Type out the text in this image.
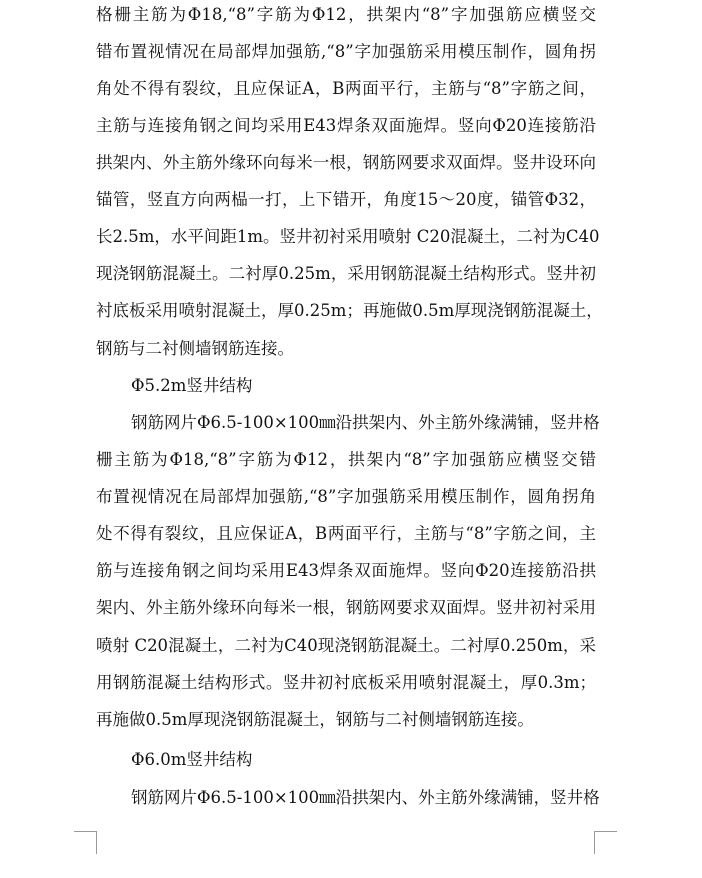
格栅主筋为Φ18,“8”字筋为Φ12，拱架内“8”字加强筋应横竖交
错布置视情况在局部焊加强筋,“8”字加强筋采用模压制作，圆角拐
角处不得有裂纹，且应保证A，B两面平行，主筋与“8”字筋之间，
主筋与连接角钢之间均采用E43焊条双面施焊。竖向Φ20连接筋沿
拱架内、外主筋外缘环向每米一根，钢筋网要求双面焊。竖井设环向
锚管，竖直方向两榀一打，上下错开，角度15～20度，锚管Φ32，
长2.5m，水平间距1m。竖井初衬采用喷射 C20混凝土，二衬为C40
现浇钢筋混凝土。二衬厚0.25m，采用钢筋混凝土结构形式。竖井初
衬底板采用喷射混凝土，厚0.25m；再施做0.5m厚现浇钢筋混凝土，
钢筋与二衬侧墙钢筋连接。
Φ5.2m竖井结构
钢筋网片Φ6.5-100×100㎜沿拱架内、外主筋外缘满铺，竖井格
栅主筋为Φ18,“8”字筋为Φ12，拱架内“8”字加强筋应横竖交错
布置视情况在局部焊加强筋,“8”字加强筋采用模压制作，圆角拐角
处不得有裂纹，且应保证A，B两面平行，主筋与“8”字筋之间，主
筋与连接角钢之间均采用E43焊条双面施焊。竖向Φ20连接筋沿拱
架内、外主筋外缘环向每米一根，钢筋网要求双面焊。竖井初衬采用
喷射 C20混凝土，二衬为C40现浇钢筋混凝土。二衬厚0.250m，采
用钢筋混凝土结构形式。竖井初衬底板采用喷射混凝土，厚0.3m；
再施做0.5m厚现浇钢筋混凝土，钢筋与二衬侧墙钢筋连接。
Φ6.0m竖井结构
钢筋网片Φ6.5-100×100㎜沿拱架内、外主筋外缘满铺，竖井格
